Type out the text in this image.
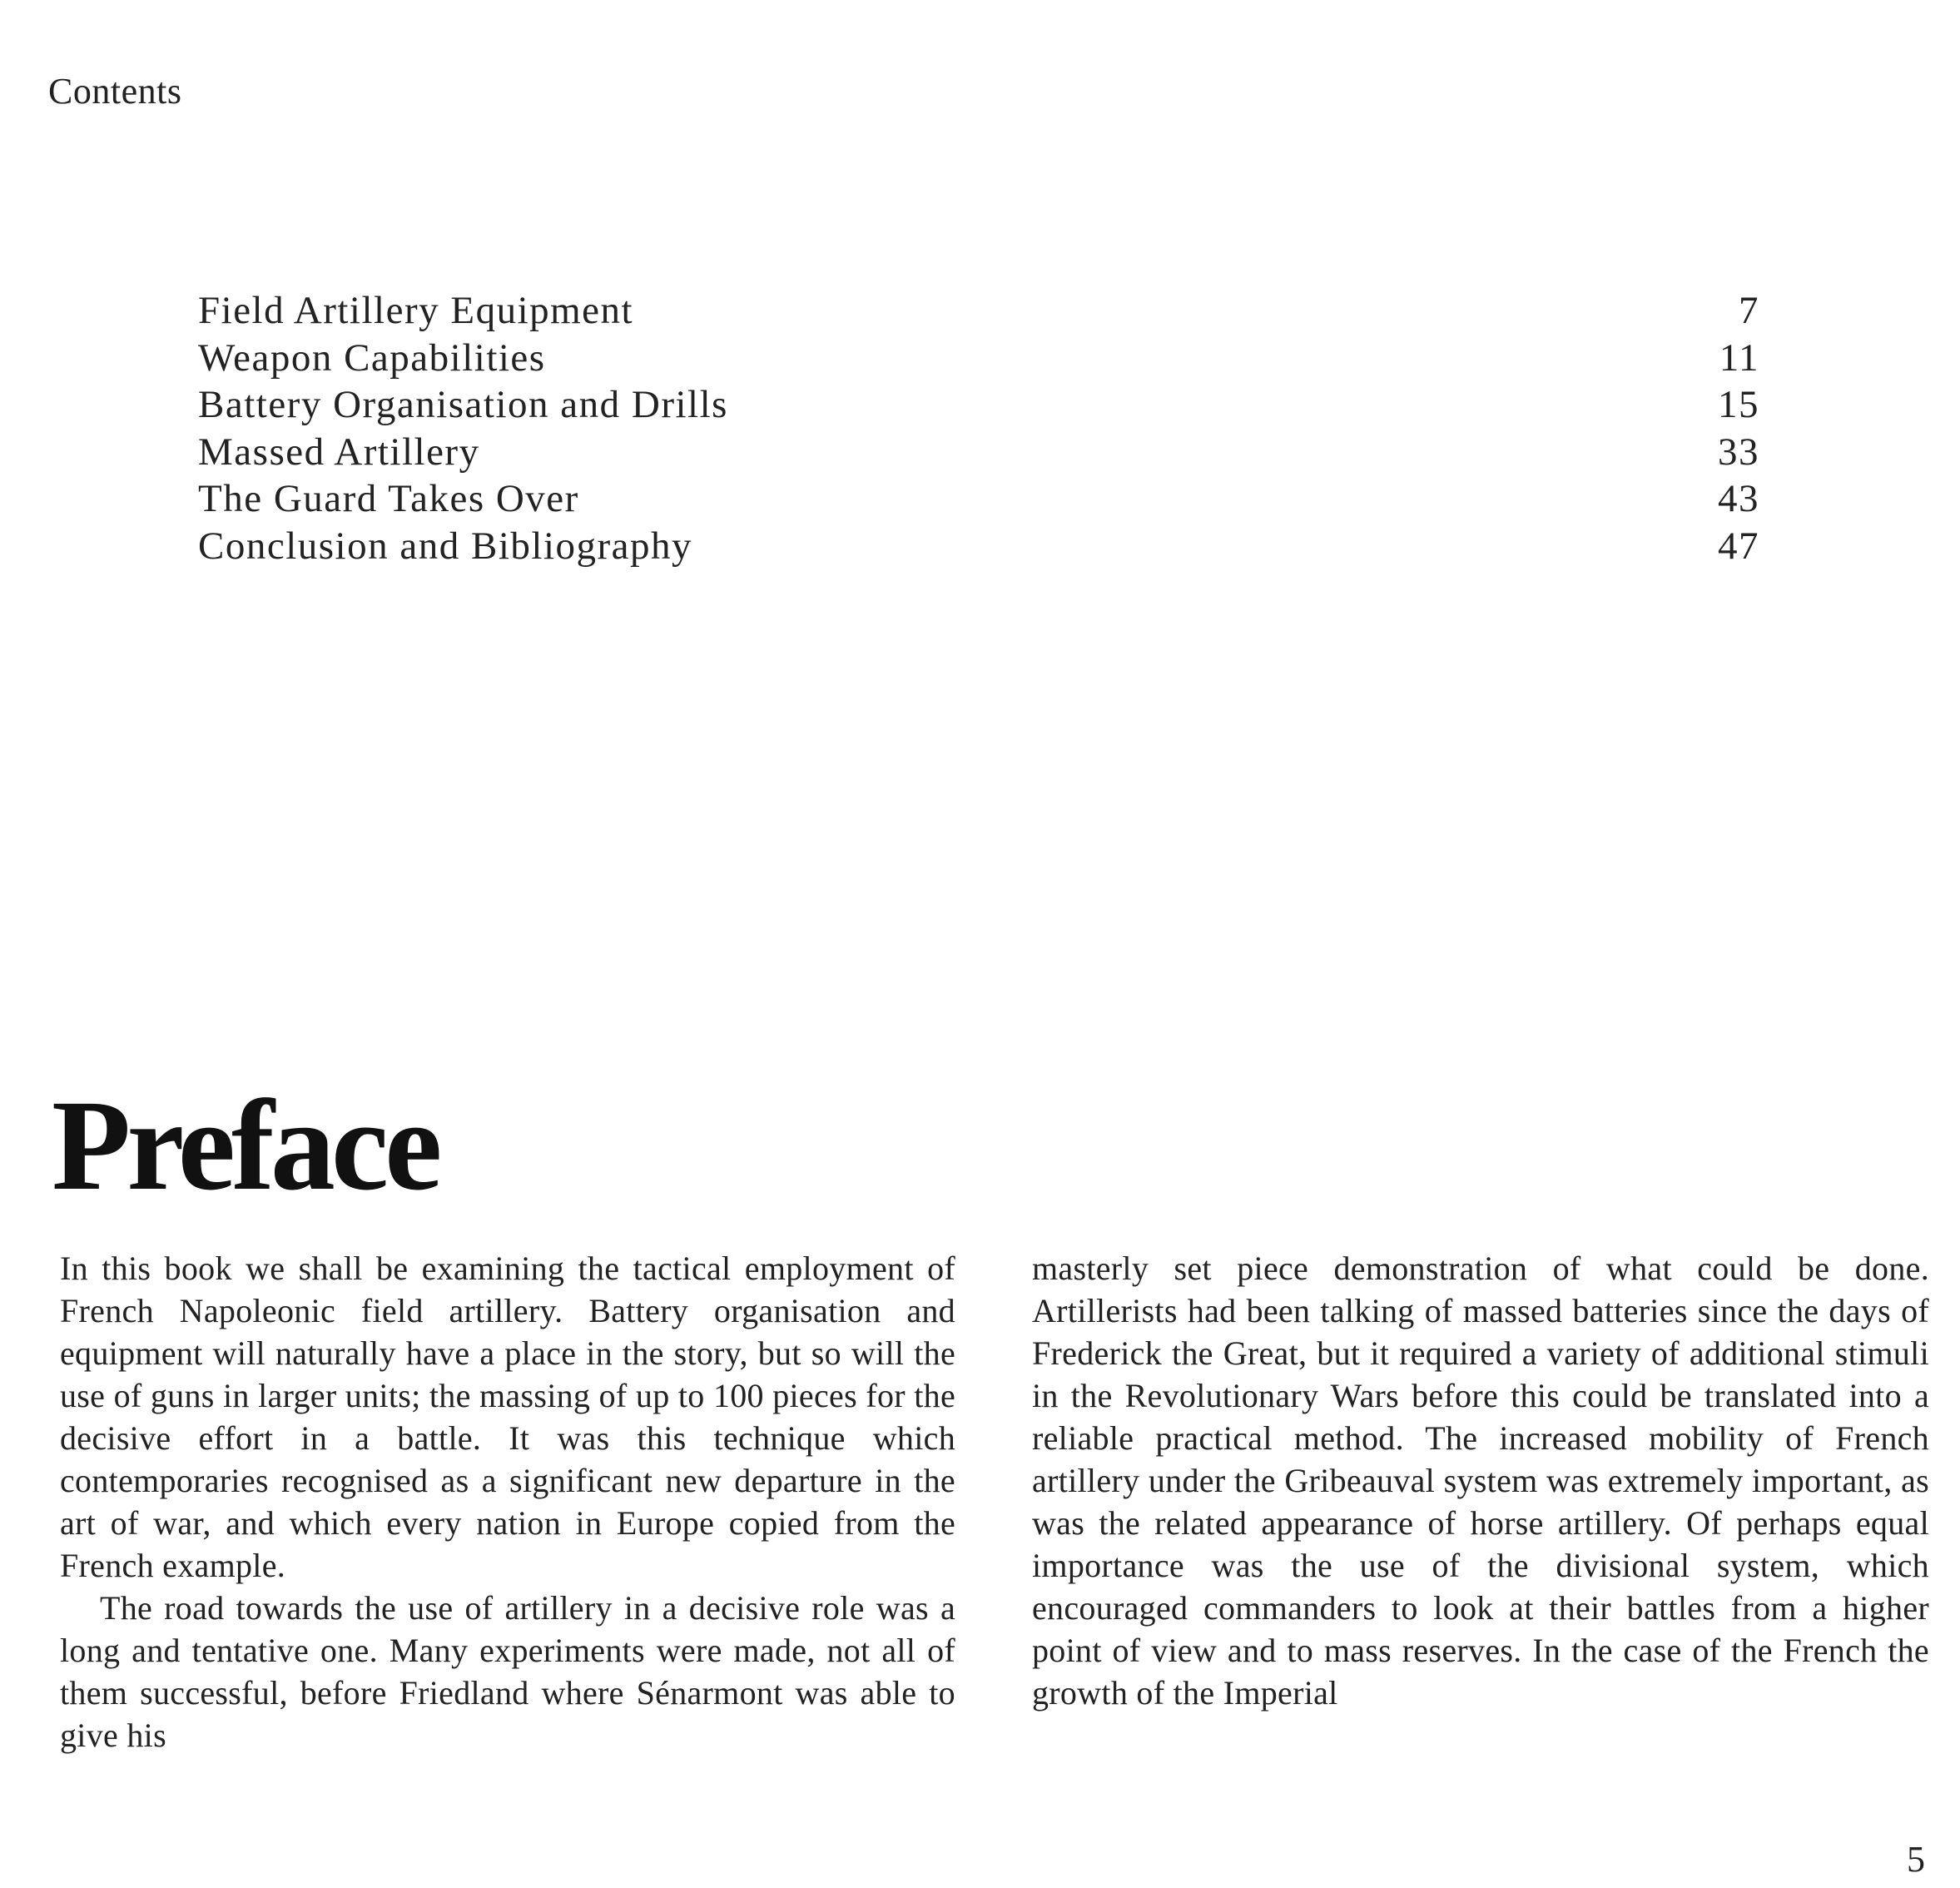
Contents
Field Artillery Equipment	7
Weapon Capabilities	11
Battery Organisation and Drills	15
Massed Artillery	33
The Guard Takes Over	43
Conclusion and Bibliography	47
Preface

In this book we shall be examining the tactical employment of French Napoleonic field artillery. Battery organisation and equipment will naturally have a place in the story, but so will the use of guns in larger units; the massing of up to 100 pieces for the decisive effort in a battle. It was this technique which contemporaries recognised as a significant new departure in the art of war, and which every nation in Europe copied from the French example.

The road towards the use of artillery in a decisive role was a long and tentative one. Many experiments were made, not all of them successful, before Friedland where Sénarmont was able to give his

masterly set piece demonstration of what could be done. Artillerists had been talking of massed batteries since the days of Frederick the Great, but it required a variety of additional stimuli in the Revolutionary Wars before this could be translated into a reliable practical method. The increased mobility of French artillery under the Gribeauval system was extremely important, as was the related appearance of horse artillery. Of perhaps equal importance was the use of the divisional system, which encouraged commanders to look at their battles from a higher point of view and to mass reserves. In the case of the French the growth of the Imperial

5
